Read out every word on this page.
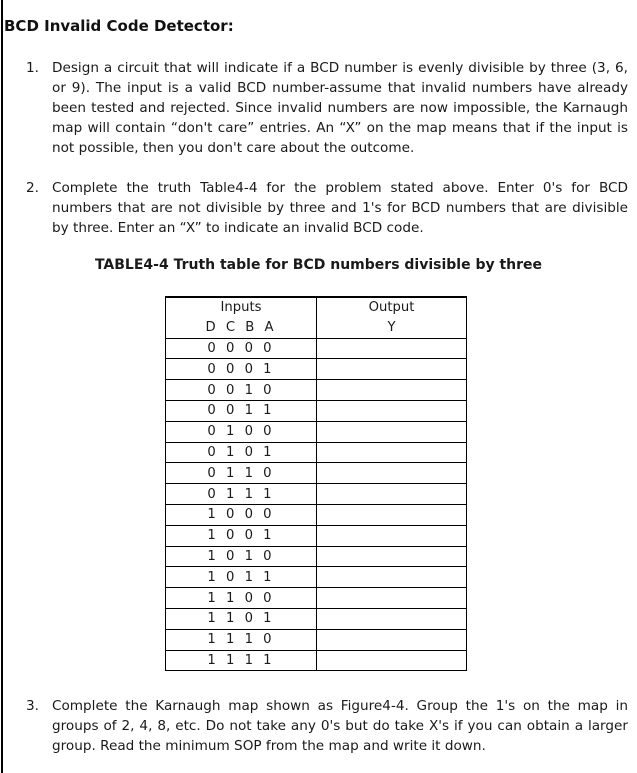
BCD Invalid Code Detector:
1. Design a circuit that will indicate if a BCD number is evenly divisible by three (3, 6, or 9). The input is a valid BCD number-assume that invalid numbers have already been tested and rejected. Since invalid numbers are now impossible, the Karnaugh map will contain “don't care” entries. An “X” on the map means that if the input is not possible, then you don't care about the outcome.
2. Complete the truth Table4-4 for the problem stated above. Enter 0's for BCD numbers that are not divisible by three and 1's for BCD numbers that are divisible by three. Enter an “X” to indicate an invalid BCD code.
TABLE4-4 Truth table for BCD numbers divisible by three
Inputs	Output
D C B A	Y
0 0 0 0	
0 0 0 1	
0 0 1 0	
0 0 1 1	
0 1 0 0	
0 1 0 1	
0 1 1 0	
0 1 1 1	
1 0 0 0	
1 0 0 1	
1 0 1 0	
1 0 1 1	
1 1 0 0	
1 1 0 1	
1 1 1 0	
1 1 1 1	
3. Complete the Karnaugh map shown as Figure4-4. Group the 1's on the map in groups of 2, 4, 8, etc. Do not take any 0's but do take X's if you can obtain a larger group. Read the minimum SOP from the map and write it down.
